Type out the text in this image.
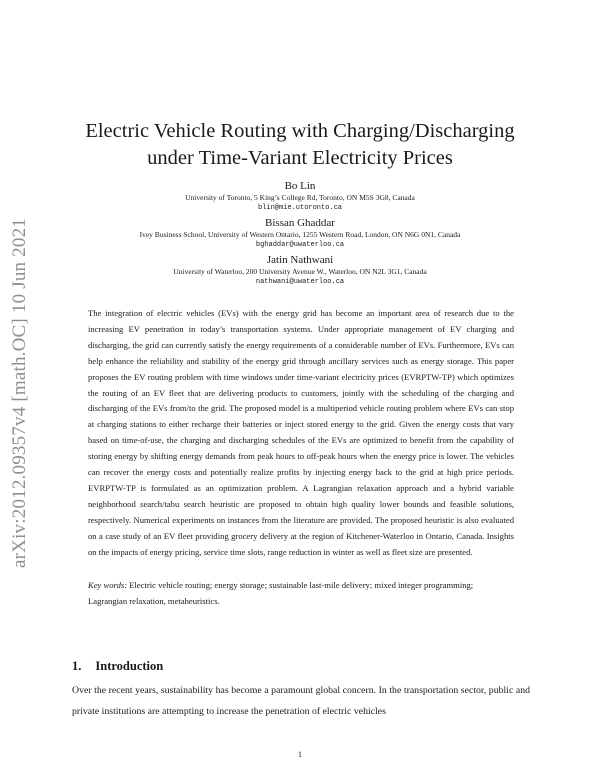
arXiv:2012.09357v4 [math.OC] 10 Jun 2021
Electric Vehicle Routing with Charging/Discharging
under Time-Variant Electricity Prices
Bo Lin
University of Toronto, 5 King’s College Rd, Toronto, ON M5S 3G8, Canada
blin@mie.utoronto.ca
Bissan Ghaddar
Ivey Business School, University of Western Ontario, 1255 Western Road, London, ON N6G 0N1, Canada
bghaddar@uwaterloo.ca
Jatin Nathwani
University of Waterloo, 200 University Avenue W., Waterloo, ON N2L 3G1, Canada
nathwani@uwaterloo.ca

The integration of electric vehicles (EVs) with the energy grid has become an important area of research due to the increasing EV penetration in today’s transportation systems. Under appropriate management of EV charging and discharging, the grid can currently satisfy the energy requirements of a considerable number of EVs. Furthermore, EVs can help enhance the reliability and stability of the energy grid through ancillary services such as energy storage. This paper proposes the EV routing problem with time windows under time-variant electricity prices (EVRPTW-TP) which optimizes the routing of an EV fleet that are delivering products to customers, jointly with the scheduling of the charging and discharging of the EVs from/to the grid. The proposed model is a multiperiod vehicle routing problem where EVs can stop at charging stations to either recharge their batteries or inject stored energy to the grid. Given the energy costs that vary based on time-of-use, the charging and discharging schedules of the EVs are optimized to benefit from the capability of storing energy by shifting energy demands from peak hours to off-peak hours when the energy price is lower. The vehicles can recover the energy costs and potentially realize profits by injecting energy back to the grid at high price periods. EVRPTW-TP is formulated as an optimization problem. A Lagrangian relaxation approach and a hybrid variable neighborhood search/tabu search heuristic are proposed to obtain high quality lower bounds and feasible solutions, respectively. Numerical experiments on instances from the literature are provided. The proposed heuristic is also evaluated on a case study of an EV fleet providing grocery delivery at the region of Kitchener-Waterloo in Ontario, Canada. Insights on the impacts of energy pricing, service time slots, range reduction in winter as well as fleet size are presented.

Key words: Electric vehicle routing; energy storage; sustainable last-mile delivery; mixed integer programming; Lagrangian relaxation, metaheuristics.

1. Introduction

Over the recent years, sustainability has become a paramount global concern. In the transportation sector, public and private institutions are attempting to increase the penetration of electric vehicles

1
